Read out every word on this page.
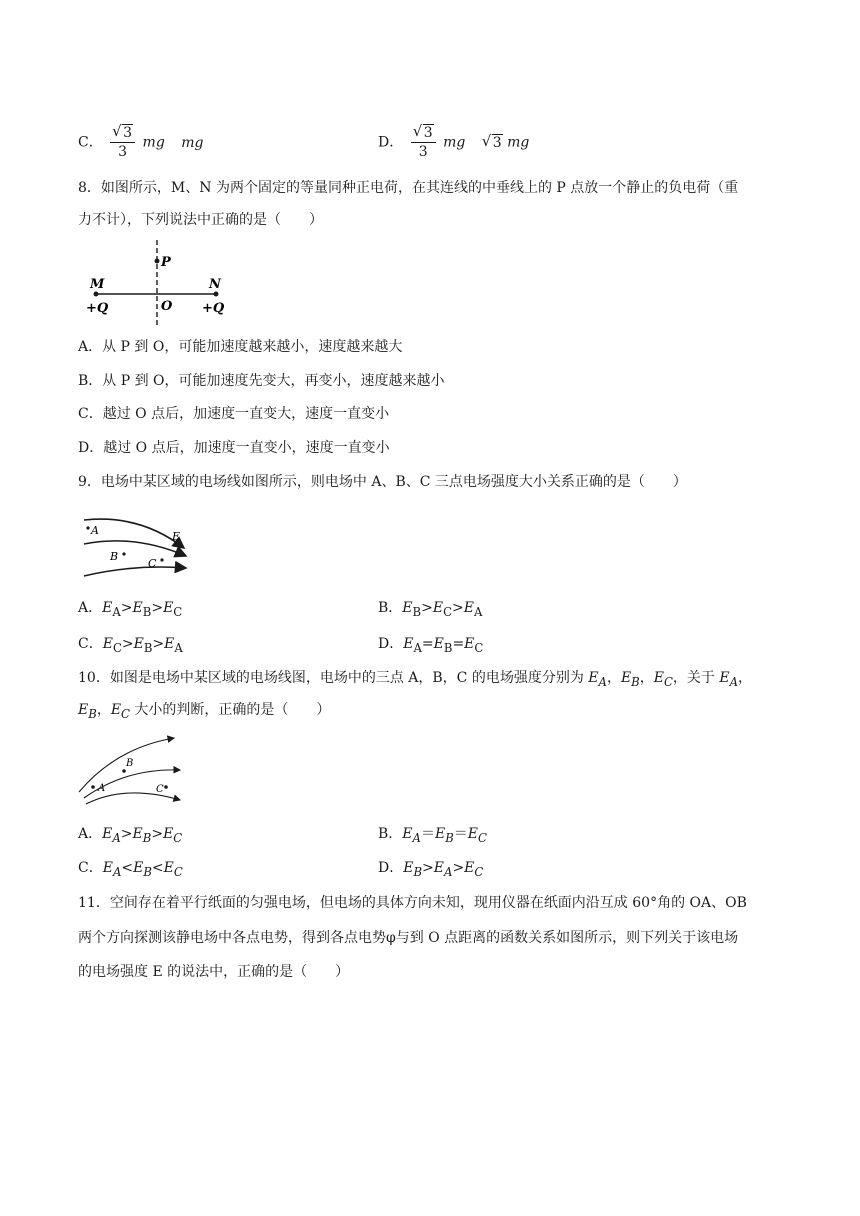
C． $\frac{√ 3}{3}$ mg mg	D． $\frac{√ 3}{3}$ mg √ 3 mg
8．如图所示，M、N 为两个固定的等量同种正电荷，在其连线的中垂线上的 P 点放一个静止的负电荷（重
力不计），下列说法中正确的是（　　）
P
M	N
O
+Q	+Q
A．从 P 到 O，可能加速度越来越小，速度越来越大
B．从 P 到 O，可能加速度先变大，再变小，速度越来越小
C．越过 O 点后，加速度一直变大，速度一直变小
D．越过 O 点后，加速度一直变小，速度一直变小
9．电场中某区域的电场线如图所示，则电场中 A、B、C 三点电场强度大小关系正确的是（　　）
A
B
C
E
A．$E_A>E_B>E_C$	B．$E_B>E_C>E_A$
C．$E_C>E_B>E_A$	D．$E_A=E_B=E_C$
10．如图是电场中某区域的电场线图，电场中的三点 A，B，C 的电场强度分别为 $E_A$，$E_B$，$E_C$，关于 $E_A$，
$E_B$，$E_C$ 大小的判断，正确的是（　　）
A
B
C
A．$E_A>E_B>E_C$	B．$E_A=E_B=E_C$
C．$E_A<E_B<E_C$	D．$E_B>E_A>E_C$
11．空间存在着平行纸面的匀强电场，但电场的具体方向未知，现用仪器在纸面内沿互成 60°角的 OA、OB
两个方向探测该静电场中各点电势，得到各点电势φ与到 O 点距离的函数关系如图所示，则下列关于该电场
的电场强度 E 的说法中，正确的是（　　）
